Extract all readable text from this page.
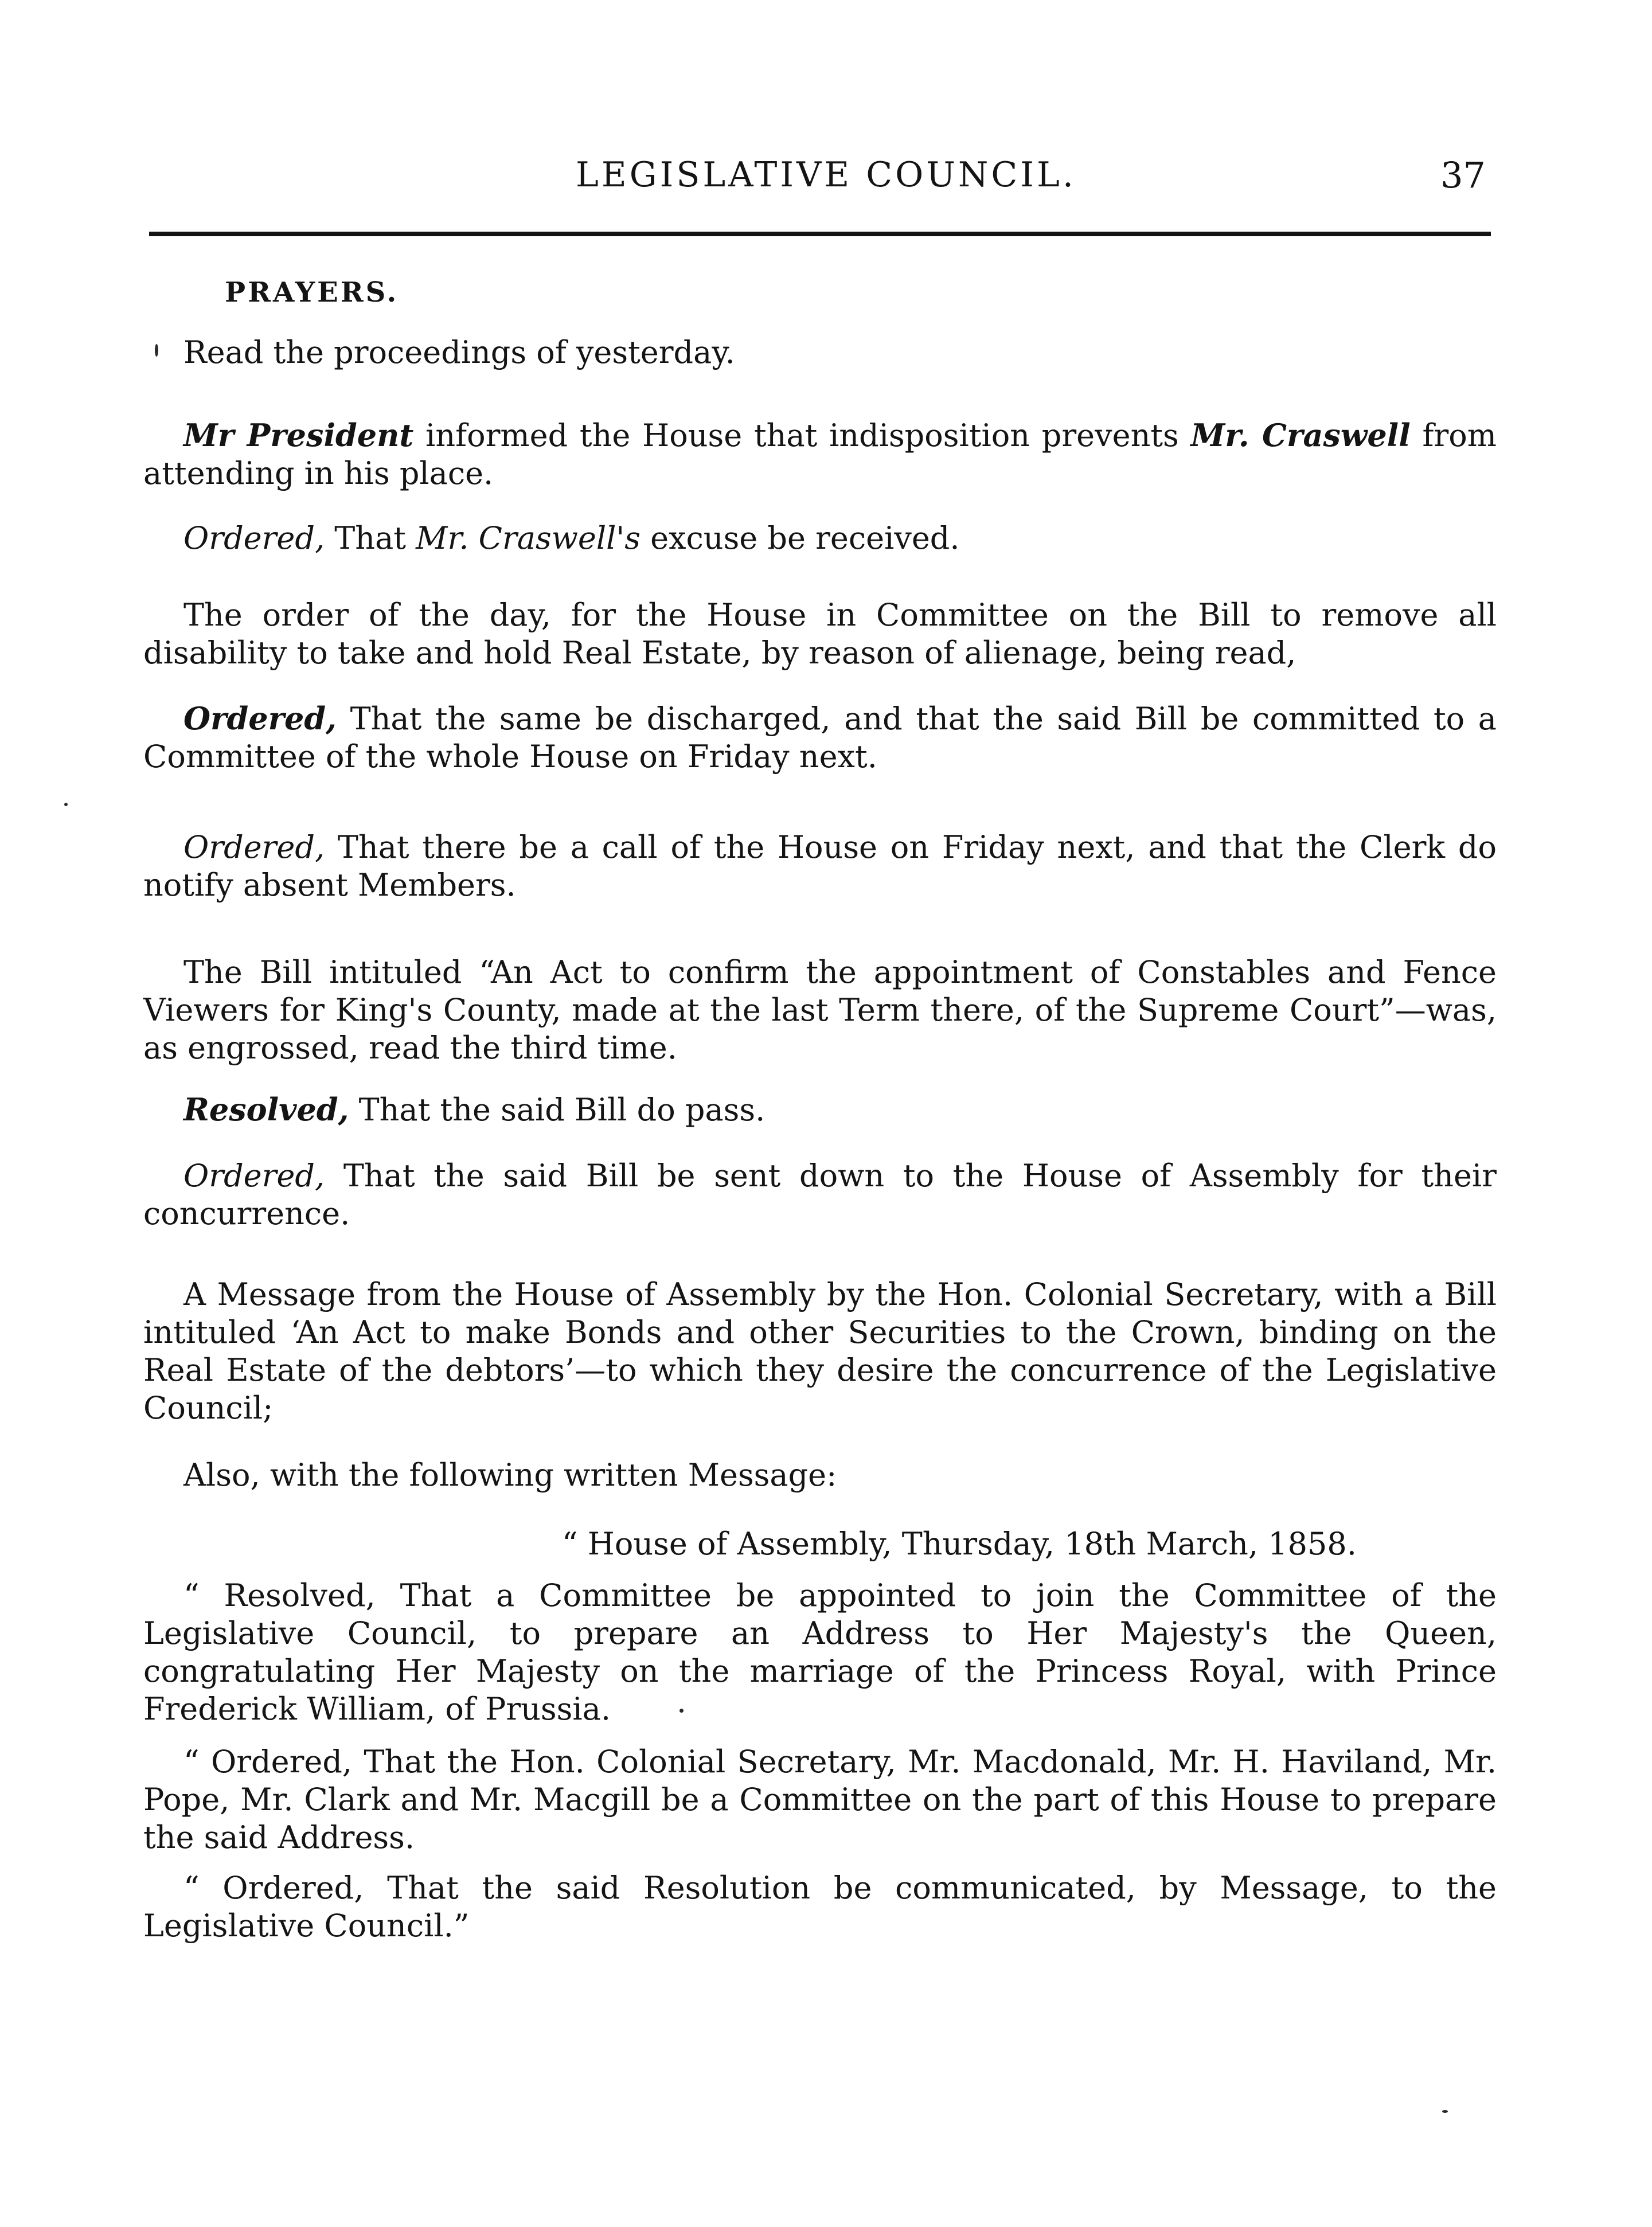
LEGISLATIVE COUNCIL.	37
PRAYERS.
Read the proceedings of yesterday.
Mr President informed the House that indisposition prevents Mr. Craswell from attending in his place.
Ordered, That Mr. Craswell's excuse be received.
The order of the day, for the House in Committee on the Bill to remove all disability to take and hold Real Estate, by reason of alienage, being read,
Ordered, That the same be discharged, and that the said Bill be committed to a Committee of the whole House on Friday next.
Ordered, That there be a call of the House on Friday next, and that the Clerk do notify absent Members.
The Bill intituled “An Act to confirm the appointment of Constables and Fence Viewers for King's County, made at the last Term there, of the Supreme Court”—was, as engrossed, read the third time.
Resolved, That the said Bill do pass.
Ordered, That the said Bill be sent down to the House of Assembly for their concurrence.
A Message from the House of Assembly by the Hon. Colonial Secretary, with a Bill intituled ‘An Act to make Bonds and other Securities to the Crown, binding on the Real Estate of the debtors’—to which they desire the concurrence of the Legislative Council;
Also, with the following written Message:
“ House of Assembly, Thursday, 18th March, 1858.
“ Resolved, That a Committee be appointed to join the Committee of the Legislative Council, to prepare an Address to Her Majesty's the Queen, congratulating Her Majesty on the marriage of the Princess Royal, with Prince Frederick William, of Prussia.
“ Ordered, That the Hon. Colonial Secretary, Mr. Macdonald, Mr. H. Haviland, Mr. Pope, Mr. Clark and Mr. Macgill be a Committee on the part of this House to prepare the said Address.
“ Ordered, That the said Resolution be communicated, by Message, to the Legislative Council.”
